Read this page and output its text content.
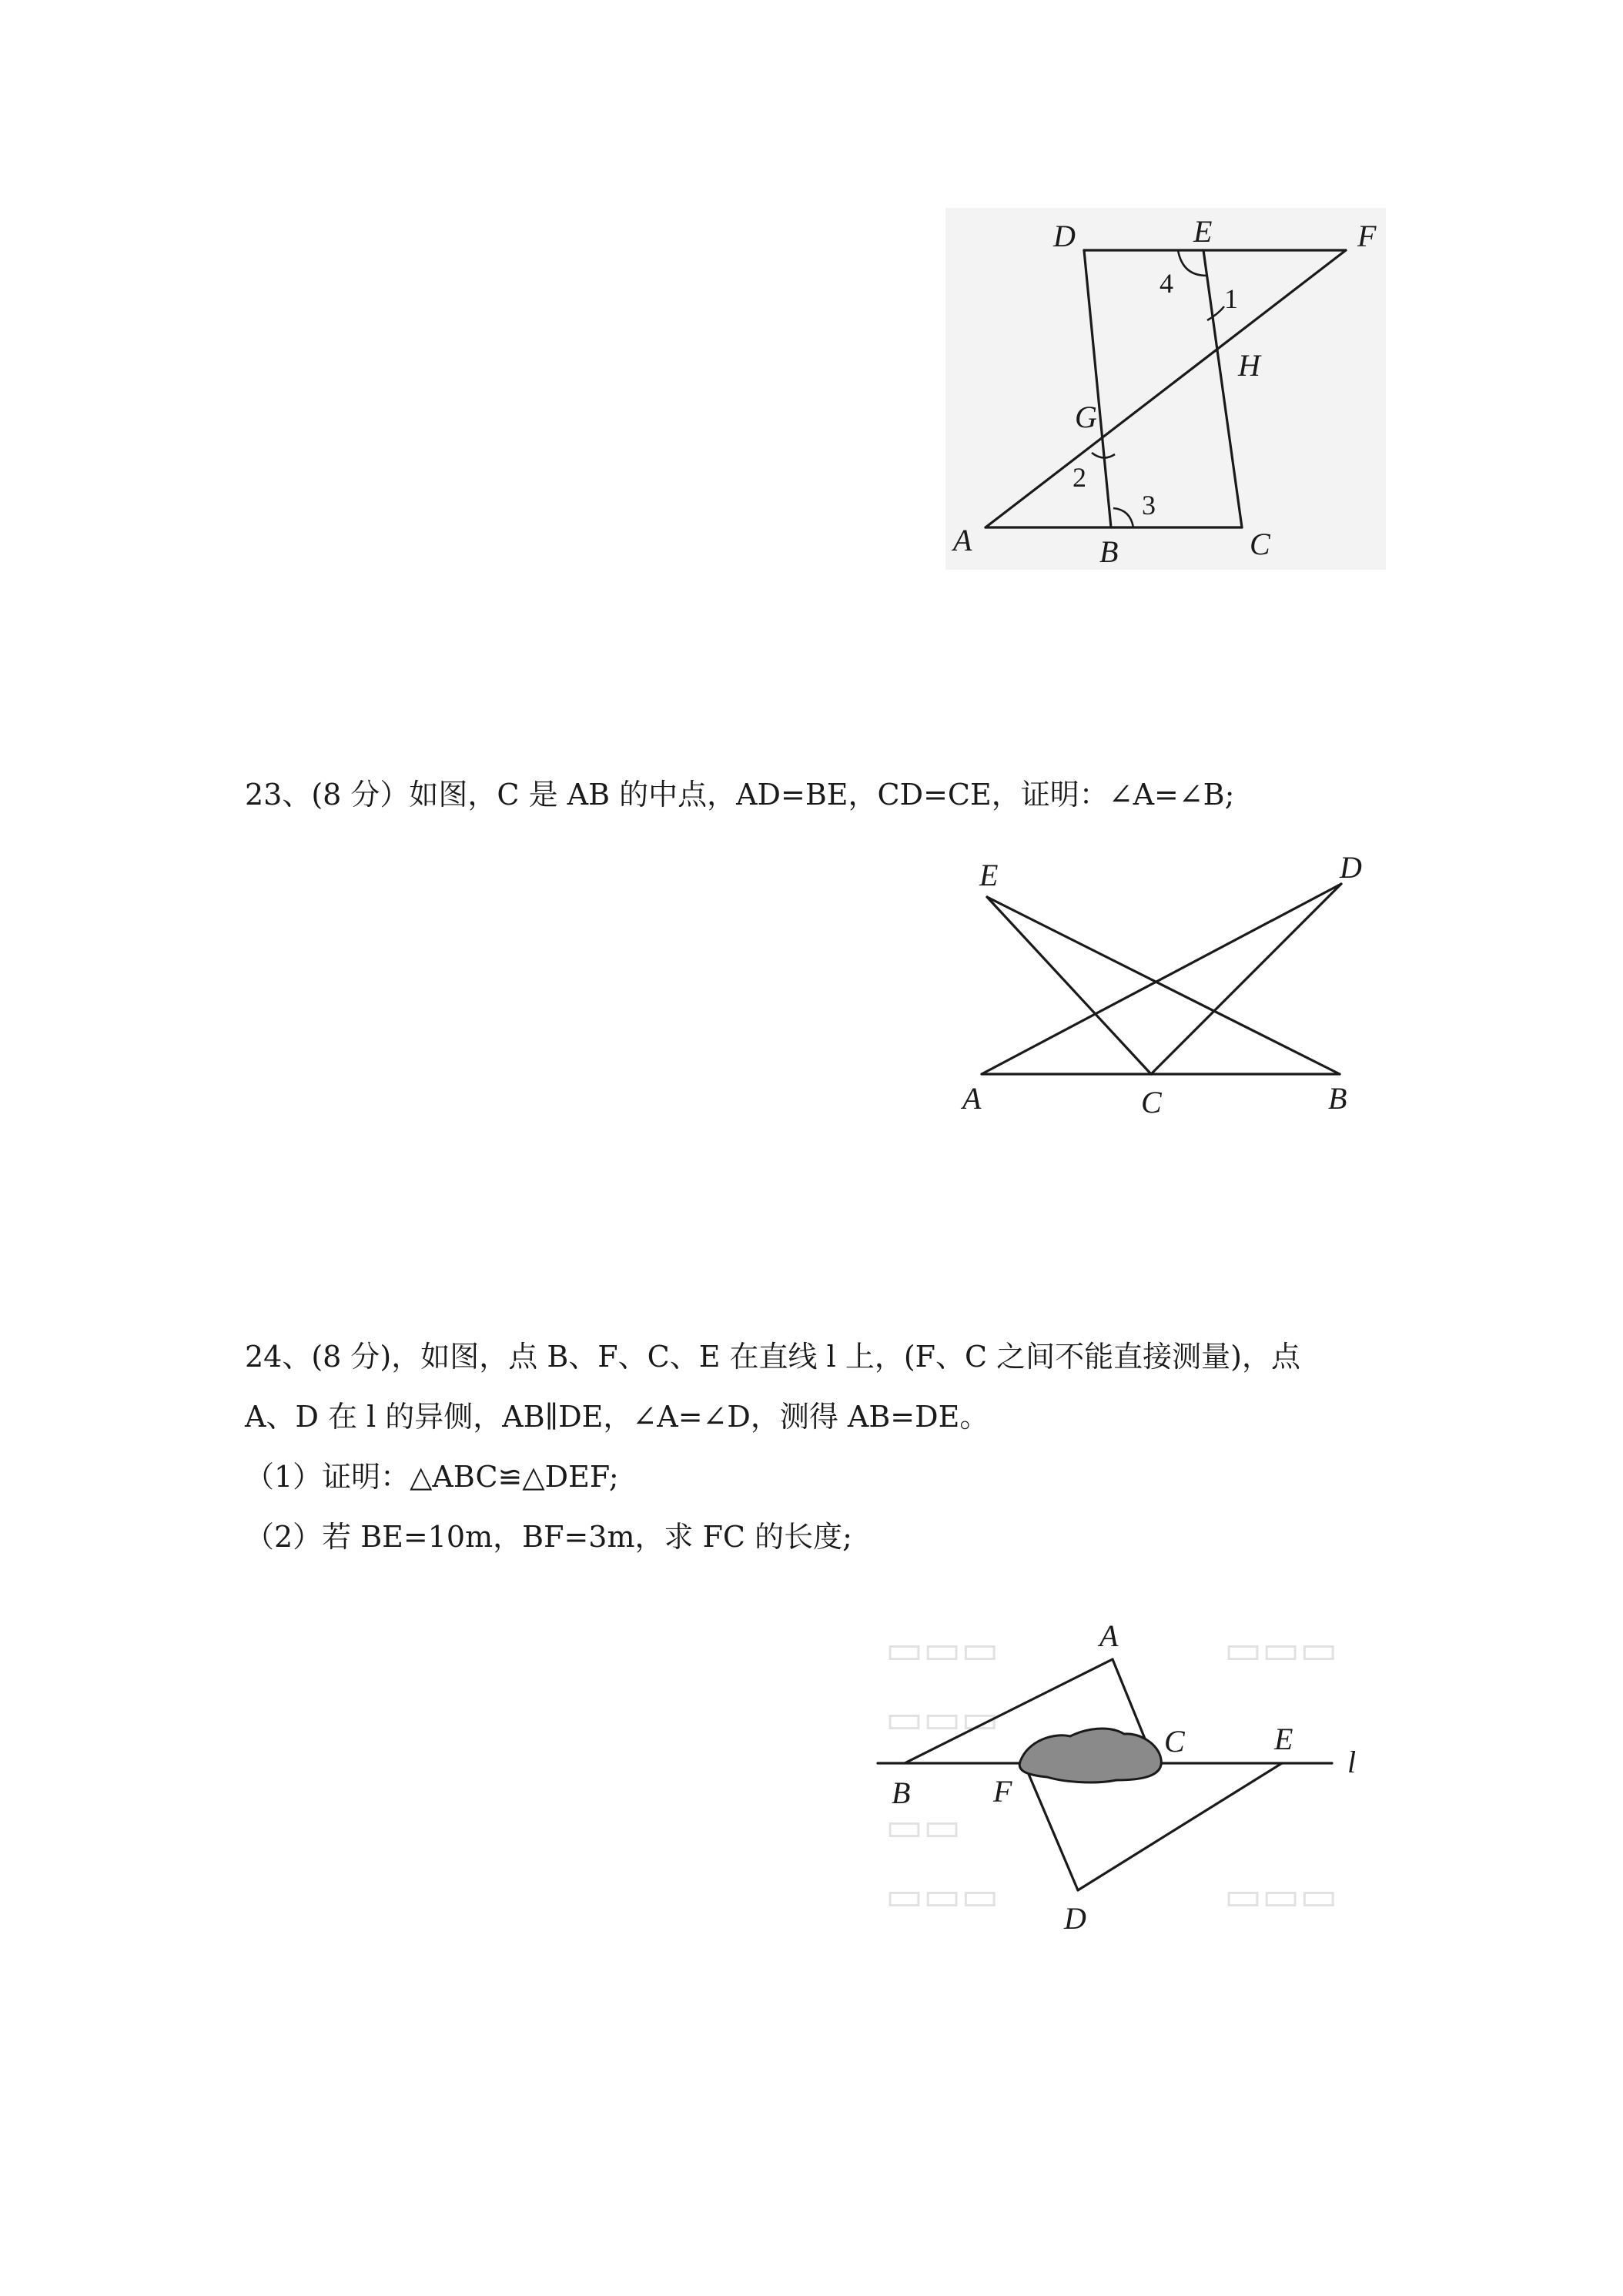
D	E	F
H
G
A	B	C
4 1
2
3
23、(8 分）如图，C 是 AB 的中点，AD=BE，CD=CE，证明：∠A=∠B;
E	D
A	C	B
24、(8 分)，如图，点 B、F、C、E 在直线 l 上，(F、C 之间不能直接测量)，点
A、D 在 l 的异侧，AB∥DE，∠A=∠D，测得 AB=DE。
（1）证明：△ABC≌△DEF;
（2）若 BE=10m，BF=3m，求 FC 的长度;
▭▭▭
▭▭▭
▭▭
▭▭▭
▭▭▭
▭▭▭
A
B	F
C	E
l
D
